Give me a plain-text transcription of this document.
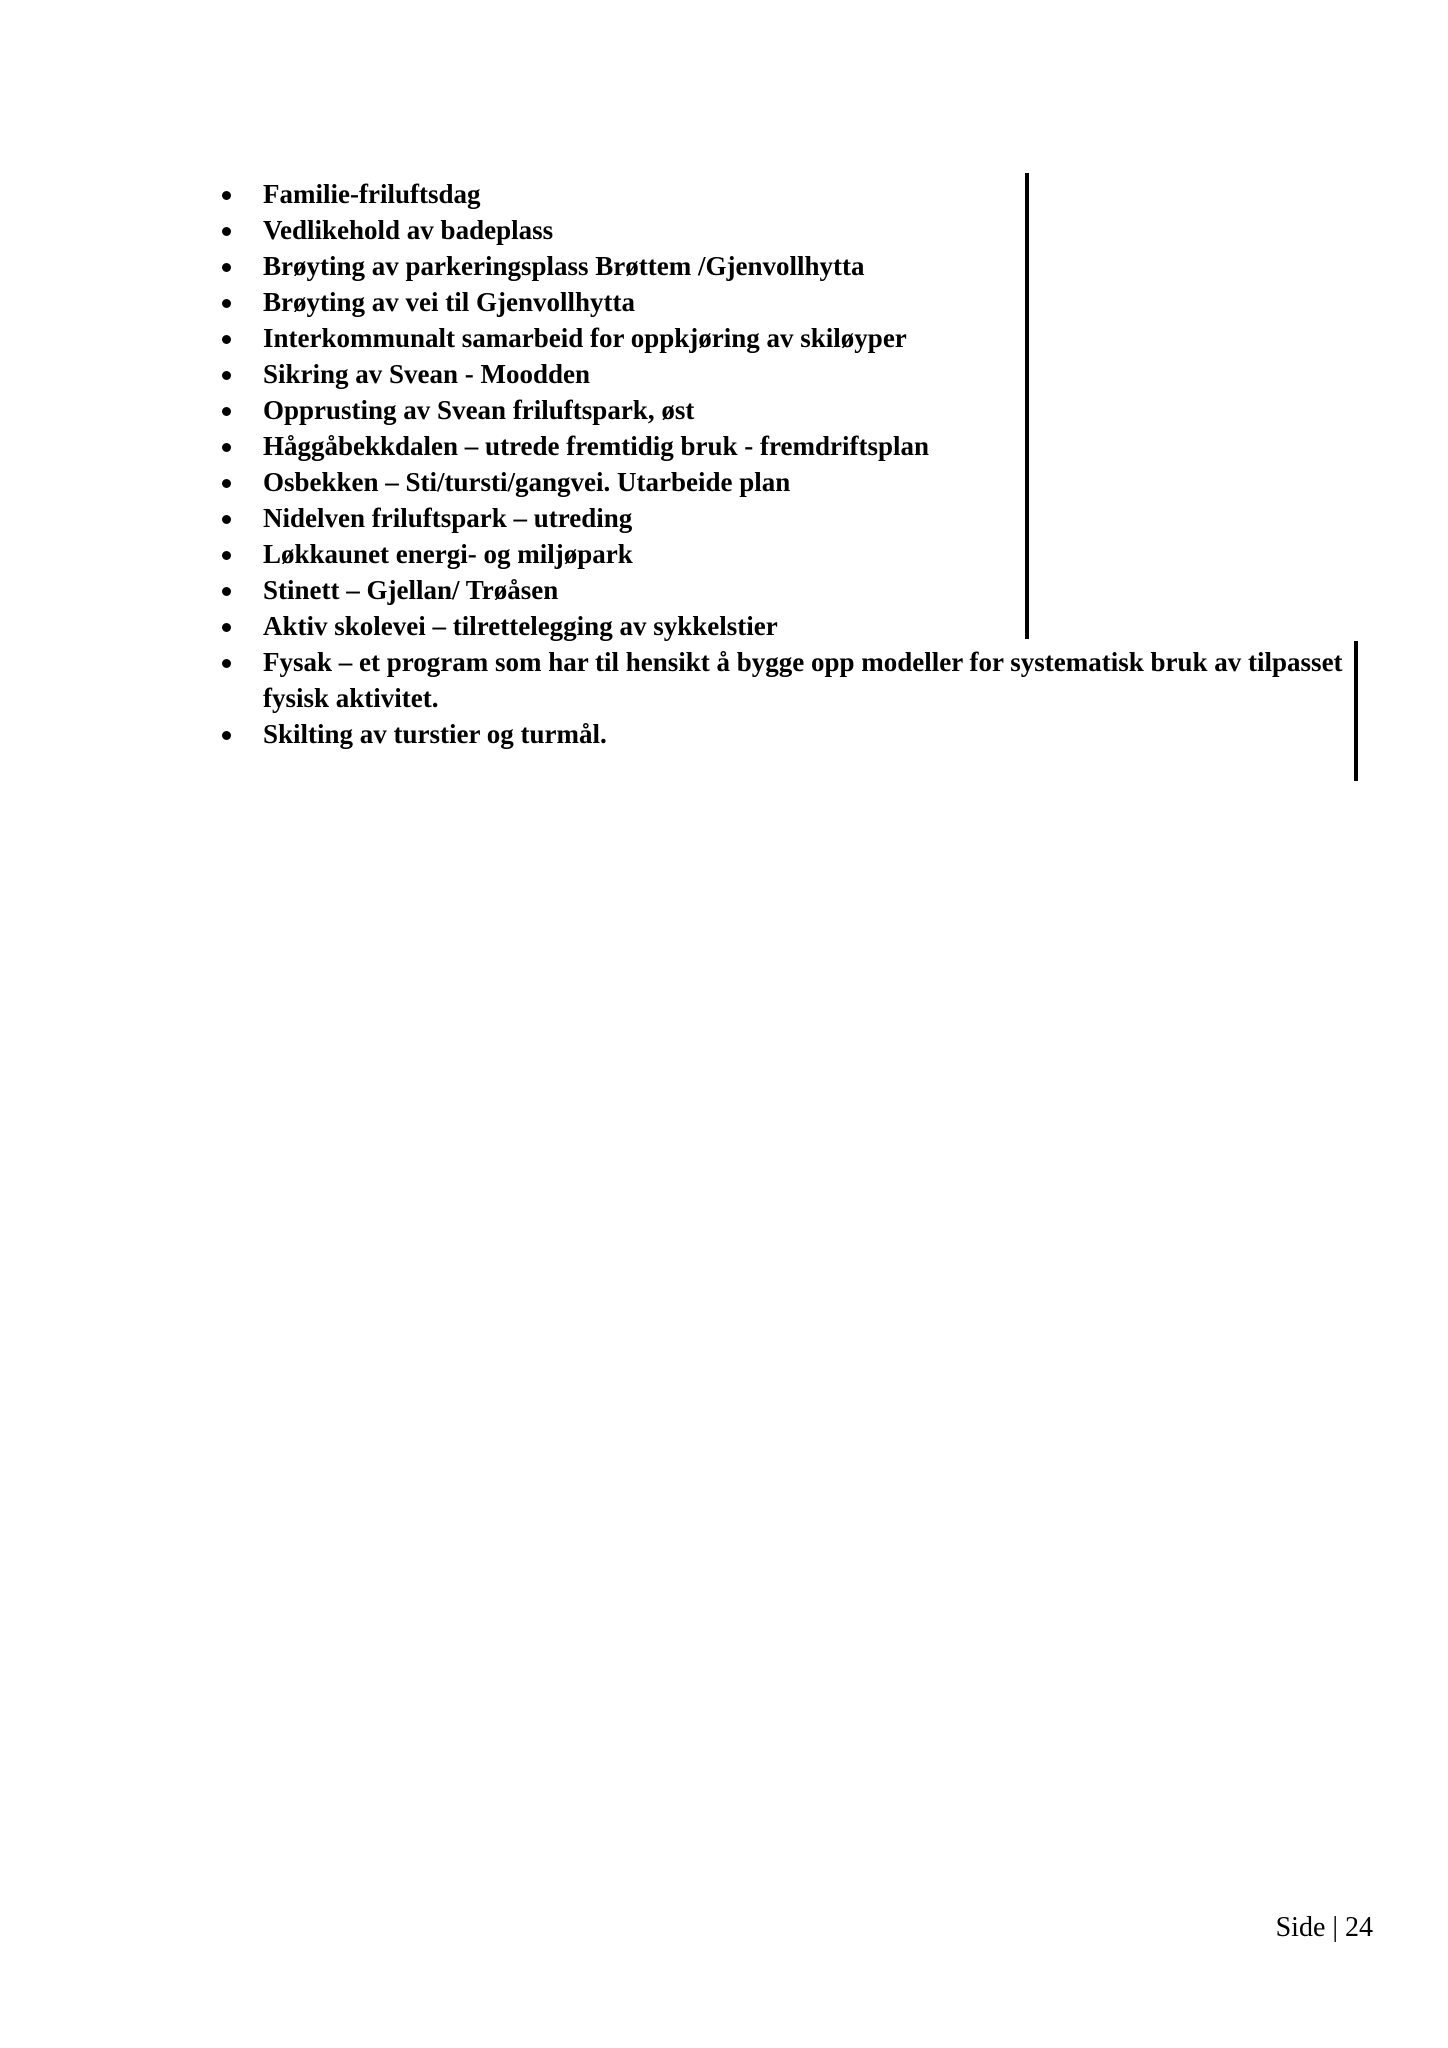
Familie-friluftsdag
Vedlikehold av badeplass
Brøyting av parkeringsplass Brøttem /Gjenvollhytta
Brøyting av vei til Gjenvollhytta
Interkommunalt samarbeid for oppkjøring av skiløyper
Sikring av Svean - Moodden
Opprusting av Svean friluftspark, øst
Håggåbekkdalen – utrede fremtidig bruk - fremdriftsplan
Osbekken – Sti/tursti/gangvei. Utarbeide plan
Nidelven friluftspark – utreding
Løkkaunet energi- og miljøpark
Stinett – Gjellan/ Trøåsen
Aktiv skolevei – tilrettelegging av sykkelstier
Fysak – et program som har til hensikt å bygge opp modeller for systematisk bruk av tilpasset fysisk aktivitet.
Skilting av turstier og turmål.
Side | 24
